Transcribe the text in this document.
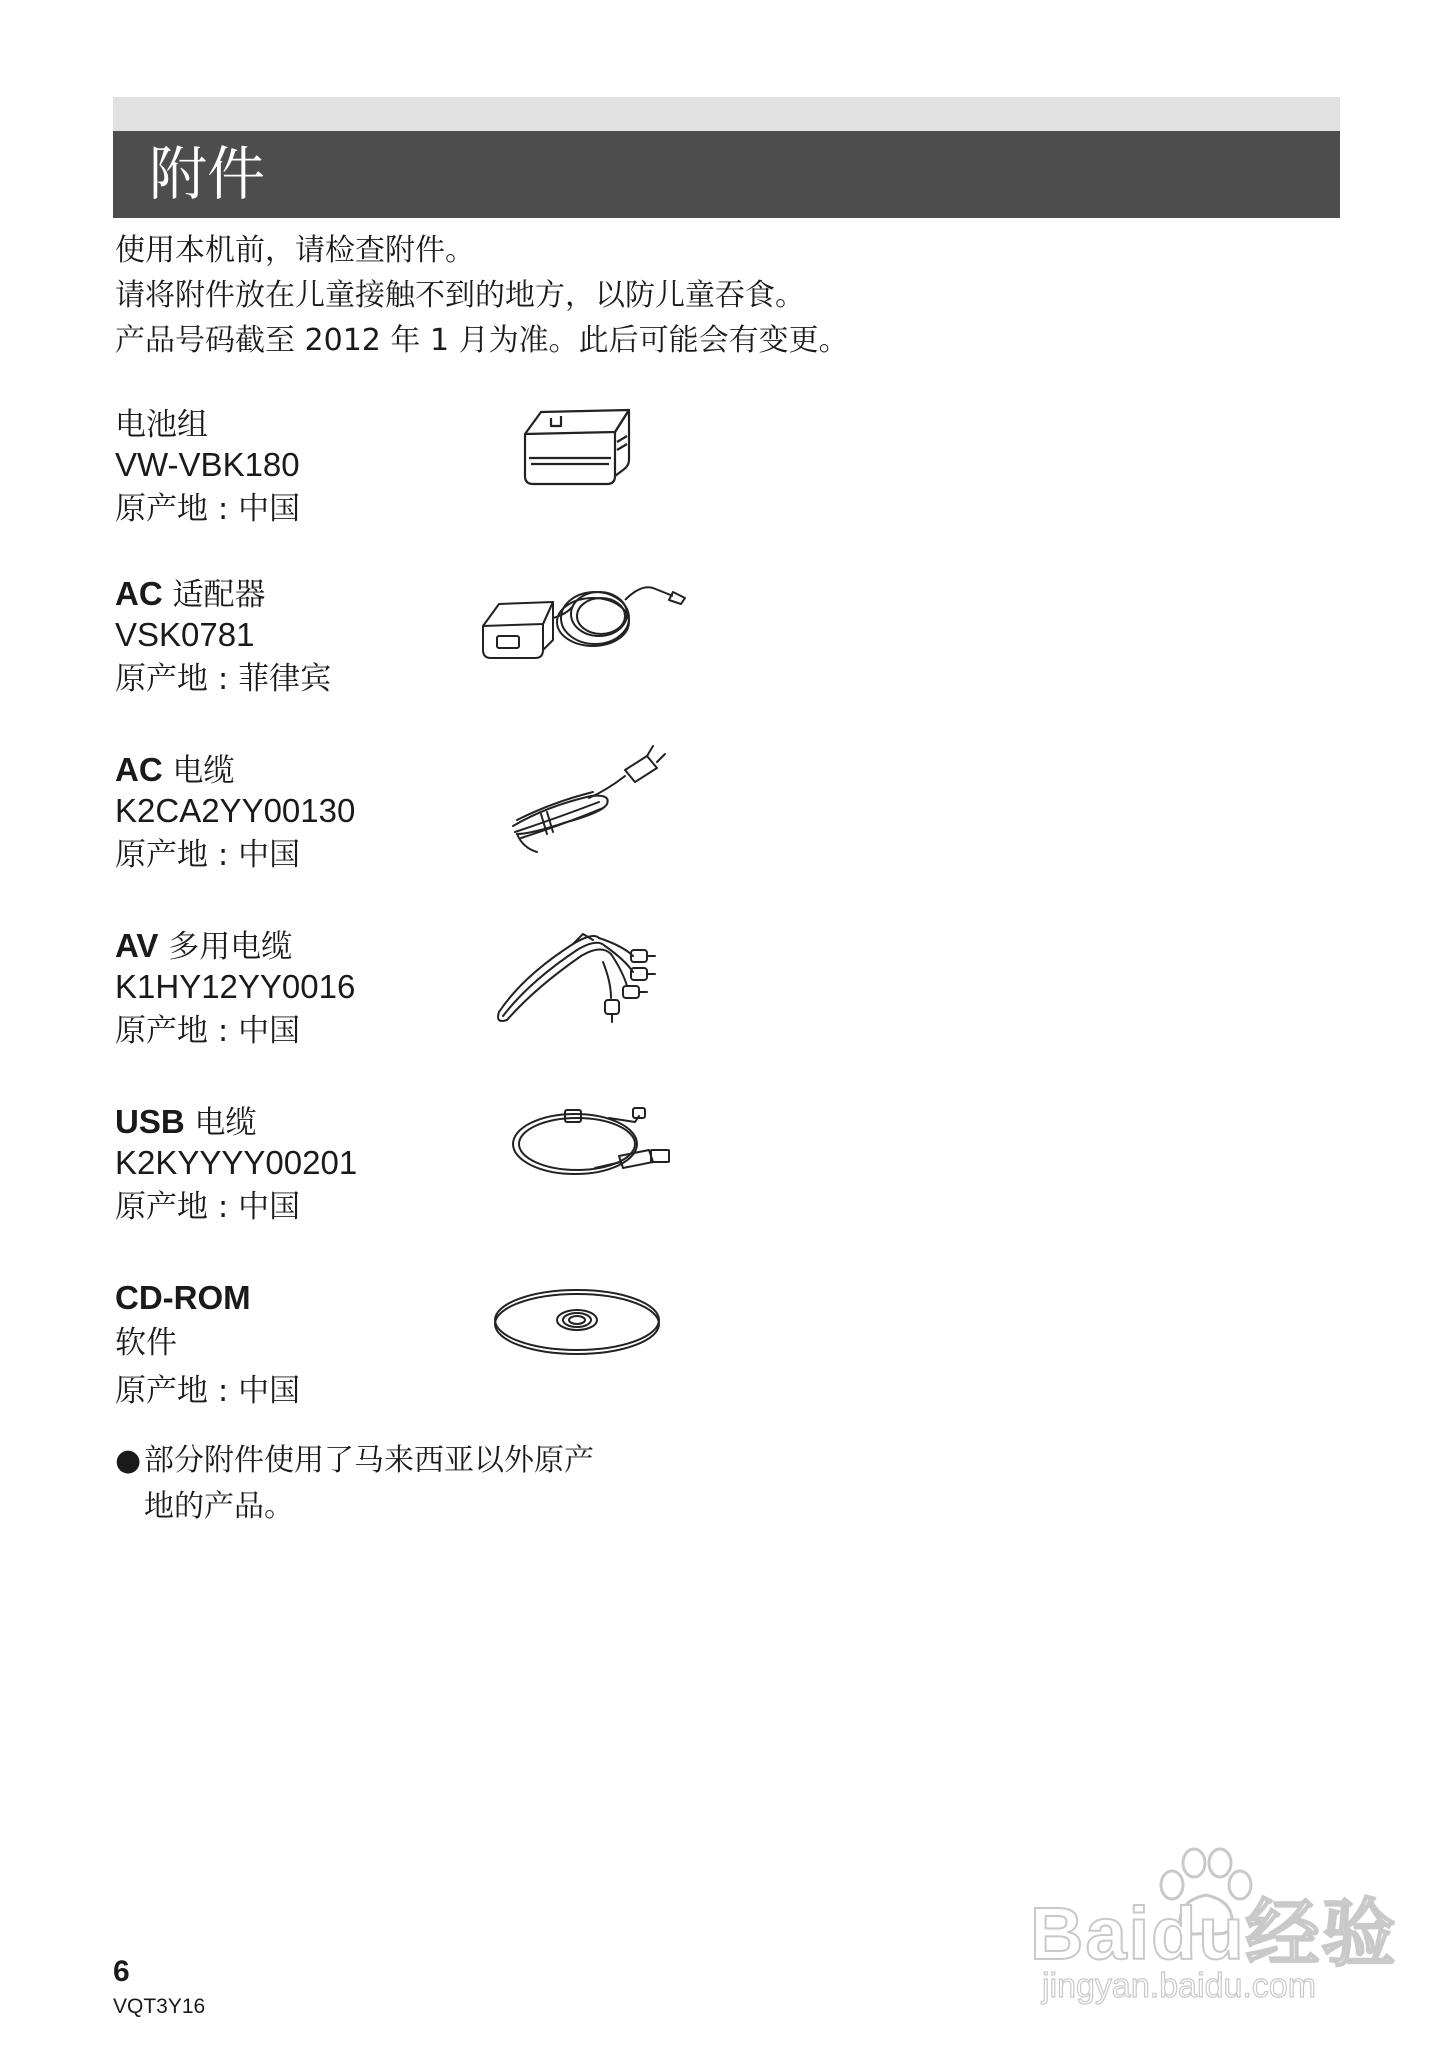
附件
使用本机前，请检查附件。
请将附件放在儿童接触不到的地方，以防儿童吞食。
产品号码截至 2012 年 1 月为准。此后可能会有变更。
电池组
VW-VBK180
原产地 : 中国
AC 适配器
VSK0781
原产地 : 菲律宾
AC 电缆
K2CA2YY00130
原产地 : 中国
AV 多用电缆
K1HY12YY0016
原产地 : 中国
USB 电缆
K2KYYYY00201
原产地 : 中国
CD-ROM
软件
原产地 : 中国
● 部分附件使用了马来西亚以外原产
地的产品。
6
VQT3Y16
Baidu经验
jingyan.baidu.com
